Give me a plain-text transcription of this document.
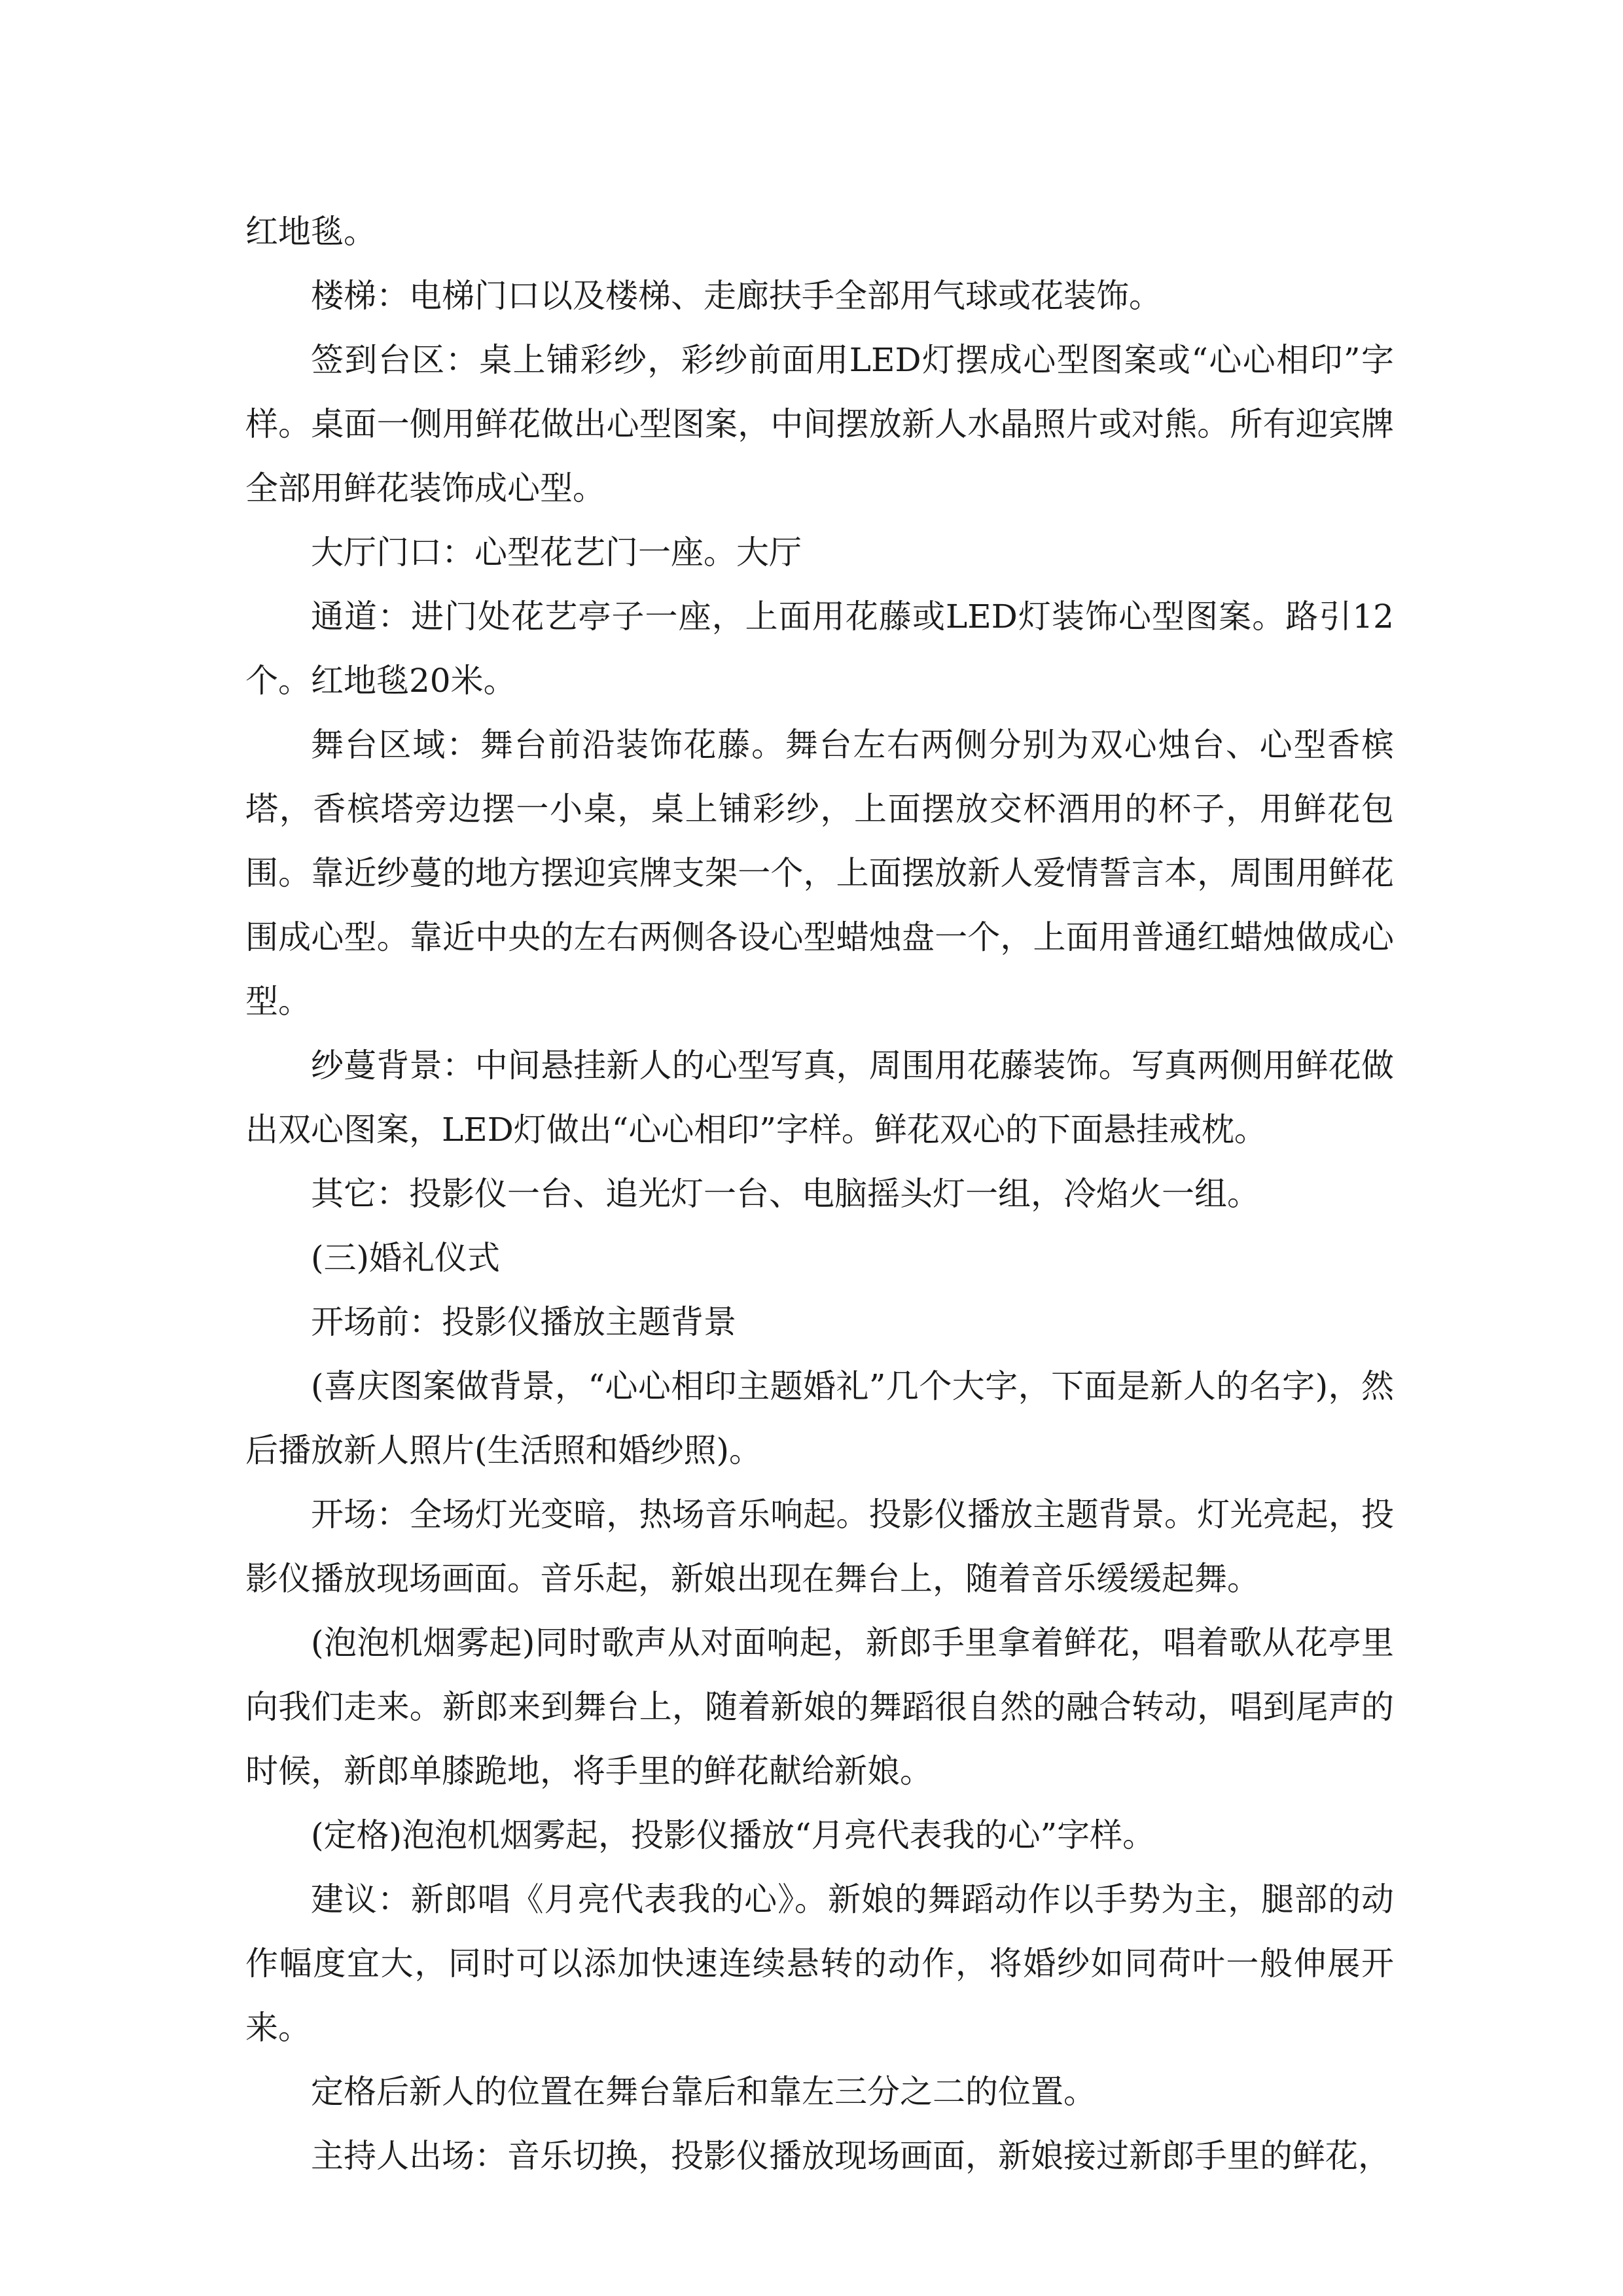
红地毯。

楼梯：电梯门口以及楼梯、走廊扶手全部用气球或花装饰。

签到台区：桌上铺彩纱，彩纱前面用LED灯摆成心型图案或“心心相印”字样。桌面一侧用鲜花做出心型图案，中间摆放新人水晶照片或对熊。所有迎宾牌全部用鲜花装饰成心型。

大厅门口：心型花艺门一座。大厅

通道：进门处花艺亭子一座，上面用花藤或LED灯装饰心型图案。路引12个。红地毯20米。

舞台区域：舞台前沿装饰花藤。舞台左右两侧分别为双心烛台、心型香槟塔，香槟塔旁边摆一小桌，桌上铺彩纱，上面摆放交杯酒用的杯子，用鲜花包围。靠近纱蔓的地方摆迎宾牌支架一个，上面摆放新人爱情誓言本，周围用鲜花围成心型。靠近中央的左右两侧各设心型蜡烛盘一个，上面用普通红蜡烛做成心型。

纱蔓背景：中间悬挂新人的心型写真，周围用花藤装饰。写真两侧用鲜花做出双心图案，LED灯做出“心心相印”字样。鲜花双心的下面悬挂戒枕。

其它：投影仪一台、追光灯一台、电脑摇头灯一组，冷焰火一组。

(三)婚礼仪式

开场前：投影仪播放主题背景

(喜庆图案做背景，“心心相印主题婚礼”几个大字，下面是新人的名字)，然后播放新人照片(生活照和婚纱照)。

开场：全场灯光变暗，热场音乐响起。投影仪播放主题背景。灯光亮起，投影仪播放现场画面。音乐起，新娘出现在舞台上，随着音乐缓缓起舞。

(泡泡机烟雾起)同时歌声从对面响起，新郎手里拿着鲜花，唱着歌从花亭里向我们走来。新郎来到舞台上，随着新娘的舞蹈很自然的融合转动，唱到尾声的时候，新郎单膝跪地，将手里的鲜花献给新娘。

(定格)泡泡机烟雾起，投影仪播放“月亮代表我的心”字样。

建议：新郎唱《月亮代表我的心》。新娘的舞蹈动作以手势为主，腿部的动作幅度宜大，同时可以添加快速连续悬转的动作，将婚纱如同荷叶一般伸展开来。

定格后新人的位置在舞台靠后和靠左三分之二的位置。

主持人出场：音乐切换，投影仪播放现场画面，新娘接过新郎手里的鲜花，
